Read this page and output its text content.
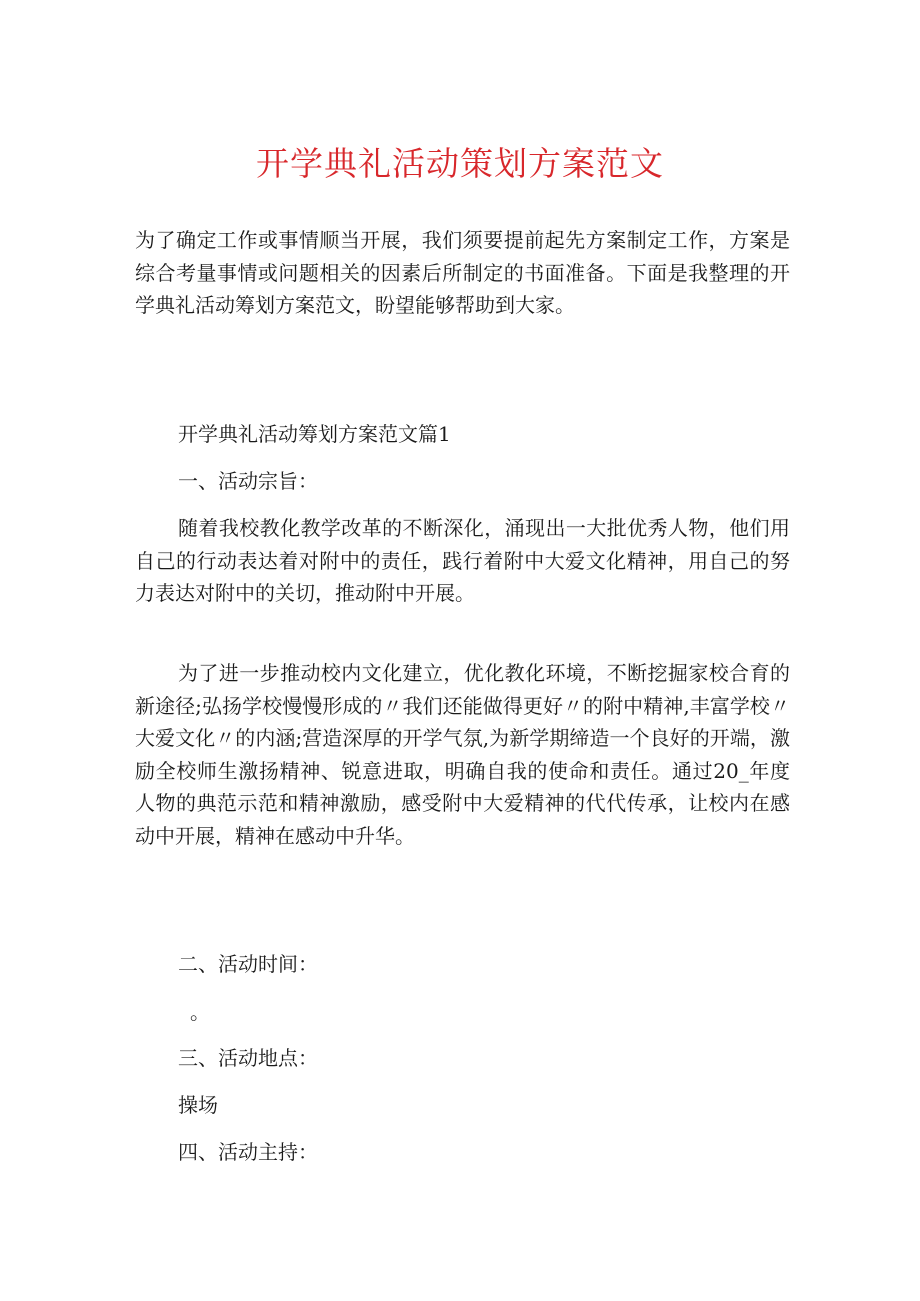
开学典礼活动策划方案范文

为了确定工作或事情顺当开展，我们须要提前起先方案制定工作，方案是综合考量事情或问题相关的因素后所制定的书面准备。下面是我整理的开学典礼活动筹划方案范文，盼望能够帮助到大家。

开学典礼活动筹划方案范文篇1

一、活动宗旨：

随着我校教化教学改革的不断深化，涌现出一大批优秀人物，他们用自己的行动表达着对附中的责任，践行着附中大爱文化精神，用自己的努力表达对附中的关切，推动附中开展。

为了进一步推动校内文化建立，优化教化环境，不断挖掘家校合育的新途径;弘扬学校慢慢形成的〃我们还能做得更好〃的附中精神,丰富学校〃大爱文化〃的内涵;营造深厚的开学气氛,为新学期缔造一个良好的开端，激励全校师生激扬精神、锐意进取，明确自我的使命和责任。通过20_年度人物的典范示范和精神激励，感受附中大爱精神的代代传承，让校内在感动中开展，精神在感动中升华。

二、活动时间：

。

三、活动地点：

操场

四、活动主持：
